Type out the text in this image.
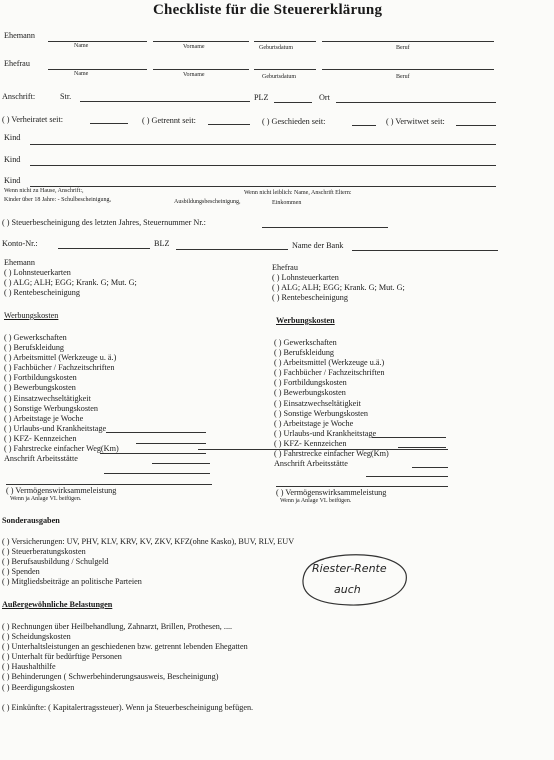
Checkliste für die Steuererklärung
Ehemann
Name	Vorname	Geburtsdatum	Beruf
Ehefrau
Name	Vorname	Geburtsdatum	Beruf
Anschrift:	Str.	PLZ	Ort
( ) Verheiratet seit:	( ) Getrennt seit:	( ) Geschieden seit:	( ) Verwitwet seit:
Kind
Kind
Kind
Wenn nicht zu Hause, Anschrift:,	Wenn nicht leiblich: Name, Anschrift Eltern:
Kinder über 18 Jahre: - Schulbescheinigung,	Ausbildungsbescheinigung,	Einkommen
( ) Steuerbescheinigung des letzten Jahres, Steuernummer Nr.:
Konto-Nr.:	BLZ	Name der Bank
Ehemann
( ) Lohnsteuerkarten
( ) ALG; ALH; EGG; Krank. G; Mut. G;
( ) Rentebescheinigung
Werbungskosten
( ) Gewerkschaften
( ) Berufskleidung
( ) Arbeitsmittel (Werkzeuge u. ä.)
( ) Fachbücher / Fachzeitschriften
( ) Fortbildungskosten
( ) Bewerbungskosten
( ) Einsatzwechseltätigkeit
( ) Sonstige Werbungskosten
( ) Arbeitstage je Woche
( ) Urlaubs-und Krankheitstage
( ) KFZ- Kennzeichen
( ) Fahrstrecke einfacher Weg(Km)
Anschrift Arbeitsstätte
( ) Vermögenswirksammeleistung
Wenn ja Anlage VL beifügen.
Ehefrau
( ) Lohnsteuerkarten
( ) ALG; ALH; EGG; Krank. G; Mut. G;
( ) Rentebescheinigung
Werbungskosten
( ) Gewerkschaften
( ) Berufskleidung
( ) Arbeitsmittel (Werkzeuge u.ä.)
( ) Fachbücher / Fachzeitschriften
( ) Fortbildungskosten
( ) Bewerbungskosten
( ) Einsatzwechseltätigkeit
( ) Sonstige Werbungskosten
( ) Arbeitstage je Woche
( ) Urlaubs-und Krankheitstage
( ) KFZ- Kennzeichen
( ) Fahrstrecke einfacher Weg(Km)
Anschrift Arbeitsstätte
( ) Vermögenswirksammeleistung
Wenn ja Anlage VL beifügen.
Sonderausgaben
( ) Versicherungen: UV, PHV, KLV, KRV, KV, ZKV, KFZ(ohne Kasko), BUV, RLV, EUV
( ) Steuerberatungskosten
( ) Berufsausbildung / Schulgeld
( ) Spenden
( ) Mitgliedsbeiträge an politische Parteien
Riester-Rente
auch
Außergewöhnliche Belastungen
( ) Rechnungen über Heilbehandlung, Zahnarzt, Brillen, Prothesen, ....
( ) Scheidungskosten
( ) Unterhaltsleistungen an geschiedenen bzw. getrennt lebenden Ehegatten
( ) Unterhalt für bedürftige Personen
( ) Haushalthilfe
( ) Behinderungen ( Schwerbehinderungsausweis, Bescheinigung)
( ) Beerdigungskosten
( ) Einkünfte: ( Kapitalertragssteuer). Wenn ja Steuerbescheinigung befügen.
